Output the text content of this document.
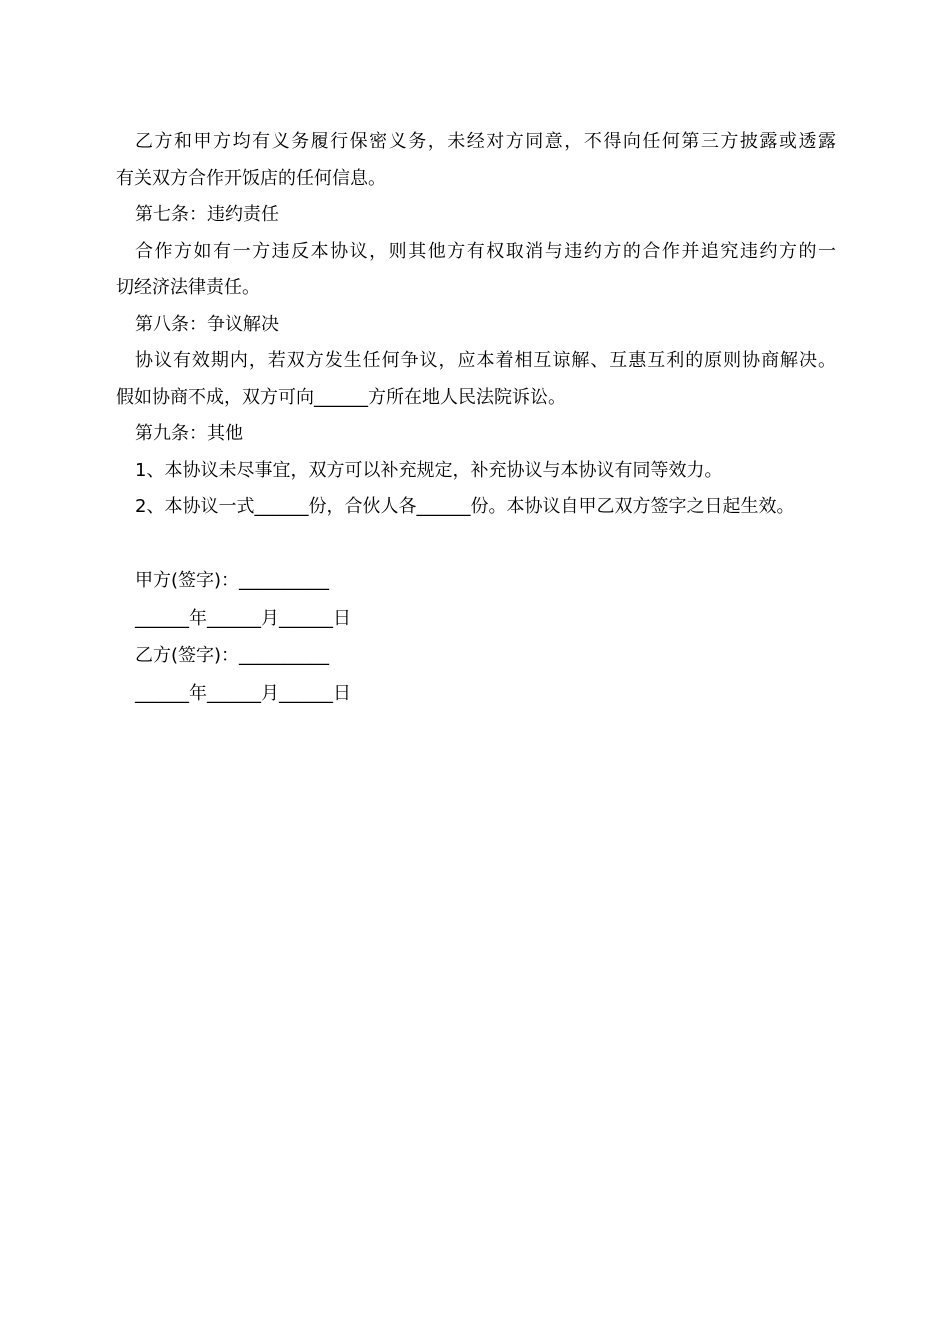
乙方和甲方均有义务履行保密义务，未经对方同意，不得向任何第三方披露或透露

有关双方合作开饭店的任何信息。

第七条：违约责任

合作方如有一方违反本协议，则其他方有权取消与违约方的合作并追究违约方的一

切经济法律责任。

第八条：争议解决

协议有效期内，若双方发生任何争议，应本着相互谅解、互惠互利的原则协商解决。

假如协商不成，双方可向______方所在地人民法院诉讼。

第九条：其他

1、本协议未尽事宜，双方可以补充规定，补充协议与本协议有同等效力。

2、本协议一式______份，合伙人各______份。本协议自甲乙双方签字之日起生效。

甲方(签字)：__________

______年______月______日

乙方(签字)：__________

______年______月______日
